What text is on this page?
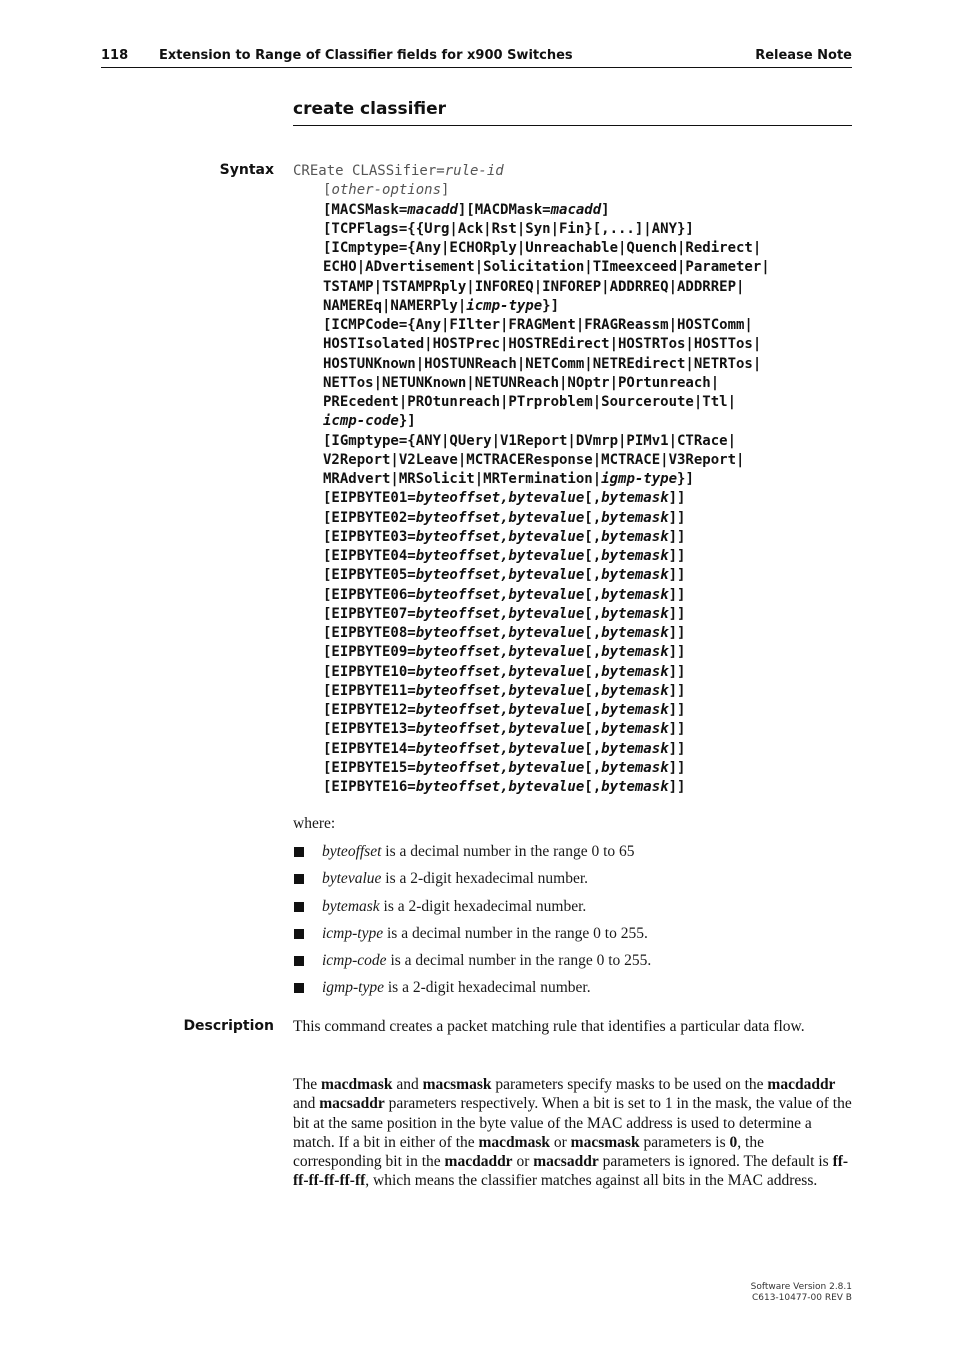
118 Extension to Range of Classifier fields for x900 Switches	Release Note
create classifier
Syntax CREate CLASSifier=rule-id
[other-options]
[MACSMask=macadd][MACDMask=macadd]
[TCPFlags={{Urg|Ack|Rst|Syn|Fin}[,...]|ANY}]
[ICmptype={Any|ECHORply|Unreachable|Quench|Redirect|
ECHO|ADvertisement|Solicitation|TImeexceed|Parameter|
TSTAMP|TSTAMPRply|INFOREQ|INFOREP|ADDRREQ|ADDRREP|
NAMEREq|NAMERPly|icmp-type}]
[ICMPCode={Any|FIlter|FRAGMent|FRAGReassm|HOSTComm|
HOSTIsolated|HOSTPrec|HOSTREdirect|HOSTRTos|HOSTTos|
HOSTUNKnown|HOSTUNReach|NETComm|NETREdirect|NETRTos|
NETTos|NETUNKnown|NETUNReach|NOptr|POrtunreach|
PREcedent|PROtunreach|PTrproblem|Sourceroute|Ttl|
icmp-code}]
[IGmptype={ANY|QUery|V1Report|DVmrp|PIMv1|CTRace|
V2Report|V2Leave|MCTRACEResponse|MCTRACE|V3Report|
MRAdvert|MRSolicit|MRTermination|igmp-type}]
[EIPBYTE01=byteoffset,bytevalue[,bytemask]]
[EIPBYTE02=byteoffset,bytevalue[,bytemask]]
[EIPBYTE03=byteoffset,bytevalue[,bytemask]]
[EIPBYTE04=byteoffset,bytevalue[,bytemask]]
[EIPBYTE05=byteoffset,bytevalue[,bytemask]]
[EIPBYTE06=byteoffset,bytevalue[,bytemask]]
[EIPBYTE07=byteoffset,bytevalue[,bytemask]]
[EIPBYTE08=byteoffset,bytevalue[,bytemask]]
[EIPBYTE09=byteoffset,bytevalue[,bytemask]]
[EIPBYTE10=byteoffset,bytevalue[,bytemask]]
[EIPBYTE11=byteoffset,bytevalue[,bytemask]]
[EIPBYTE12=byteoffset,bytevalue[,bytemask]]
[EIPBYTE13=byteoffset,bytevalue[,bytemask]]
[EIPBYTE14=byteoffset,bytevalue[,bytemask]]
[EIPBYTE15=byteoffset,bytevalue[,bytemask]]
[EIPBYTE16=byteoffset,bytevalue[,bytemask]]
where:
byteoffset is a decimal number in the range 0 to 65
bytevalue is a 2-digit hexadecimal number.
bytemask is a 2-digit hexadecimal number.
icmp-type is a decimal number in the range 0 to 255.
icmp-code is a decimal number in the range 0 to 255.
igmp-type is a 2-digit hexadecimal number.
Description This command creates a packet matching rule that identifies a particular data flow.
The macdmask and macsmask parameters specify masks to be used on the macdaddr and macsaddr parameters respectively. When a bit is set to 1 in the mask, the value of the bit at the same position in the byte value of the MAC address is used to determine a match. If a bit in either of the macdmask or macsmask parameters is 0, the corresponding bit in the macdaddr or macsaddr parameters is ignored. The default is ff-ff-ff-ff-ff-ff, which means the classifier matches against all bits in the MAC address.
Software Version 2.8.1
C613-10477-00 REV B
